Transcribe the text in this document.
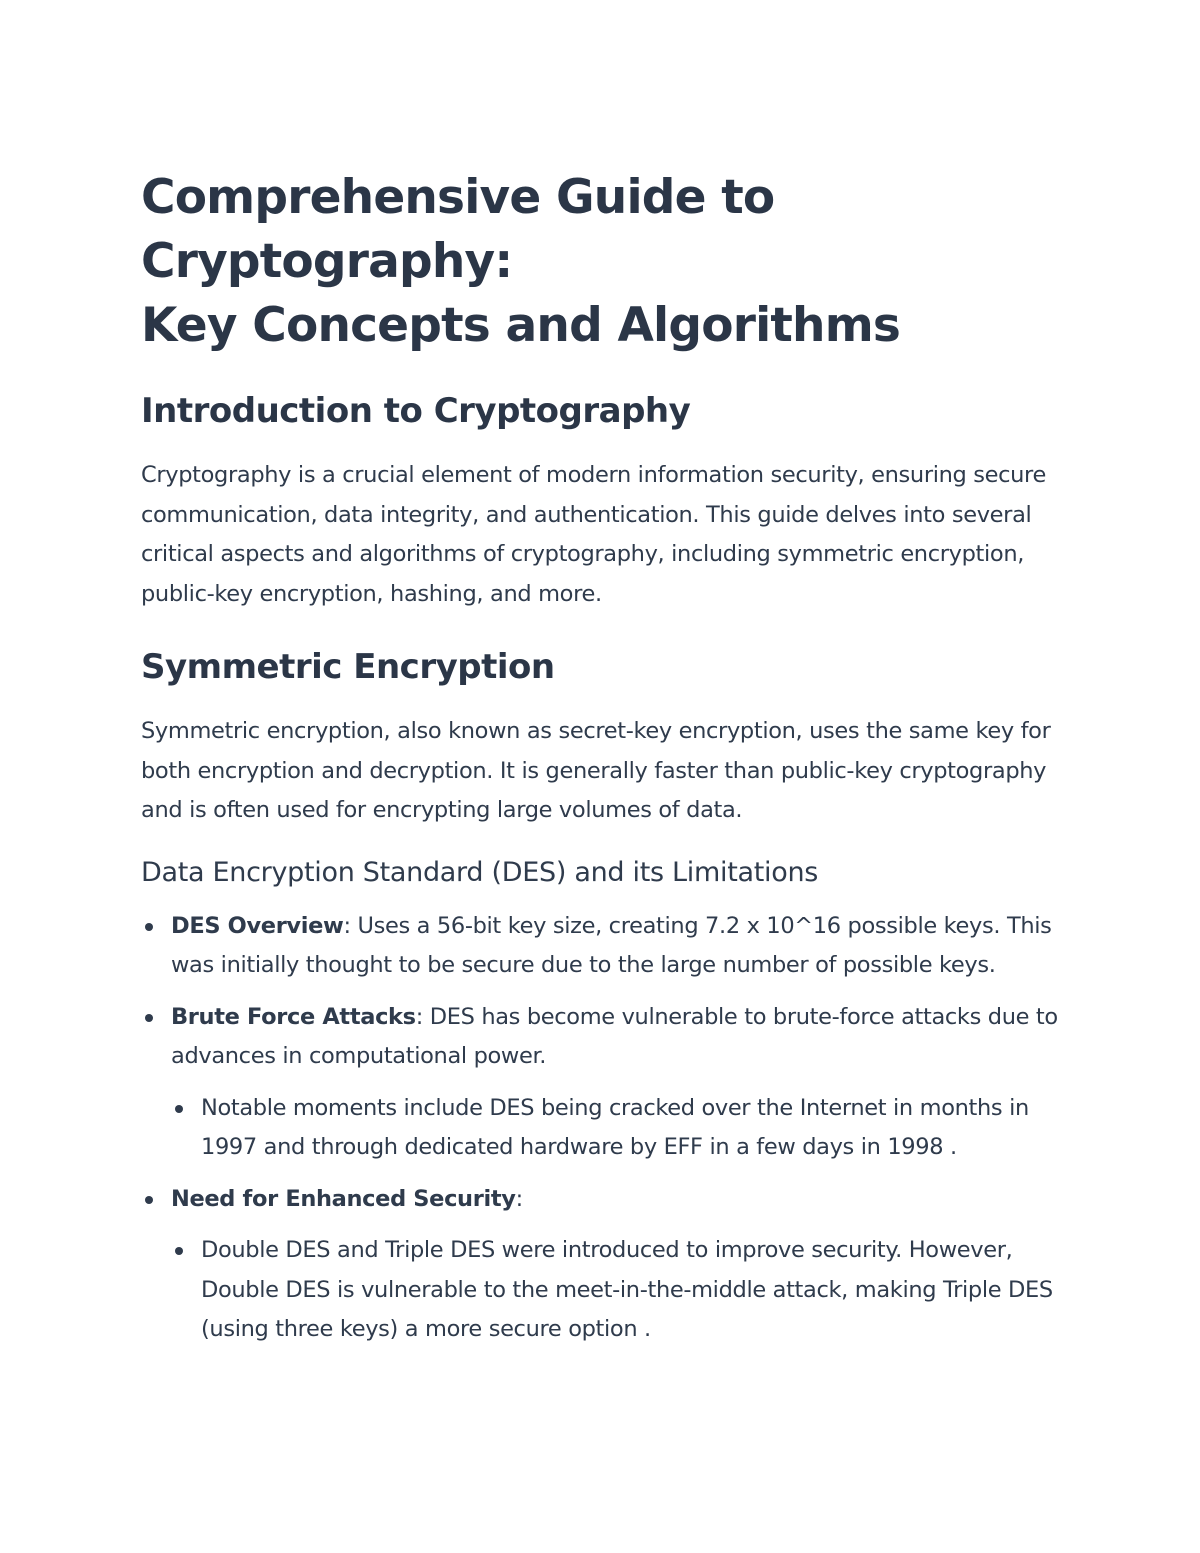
Comprehensive Guide to Cryptography:
Key Concepts and Algorithms
Introduction to Cryptography

Cryptography is a crucial element of modern information security, ensuring secure communication, data integrity, and authentication. This guide delves into several critical aspects and algorithms of cryptography, including symmetric encryption, public-key encryption, hashing, and more.

Symmetric Encryption

Symmetric encryption, also known as secret-key encryption, uses the same key for both encryption and decryption. It is generally faster than public-key cryptography and is often used for encrypting large volumes of data.

Data Encryption Standard (DES) and its Limitations
DES Overview: Uses a 56-bit key size, creating 7.2 x 10^16 possible keys. This was initially thought to be secure due to the large number of possible keys.
Brute Force Attacks: DES has become vulnerable to brute-force attacks due to advances in computational power.
Notable moments include DES being cracked over the Internet in months in 1997 and through dedicated hardware by EFF in a few days in 1998 .
Need for Enhanced Security:
Double DES and Triple DES were introduced to improve security. However, Double DES is vulnerable to the meet-in-the-middle attack, making Triple DES (using three keys) a more secure option .
